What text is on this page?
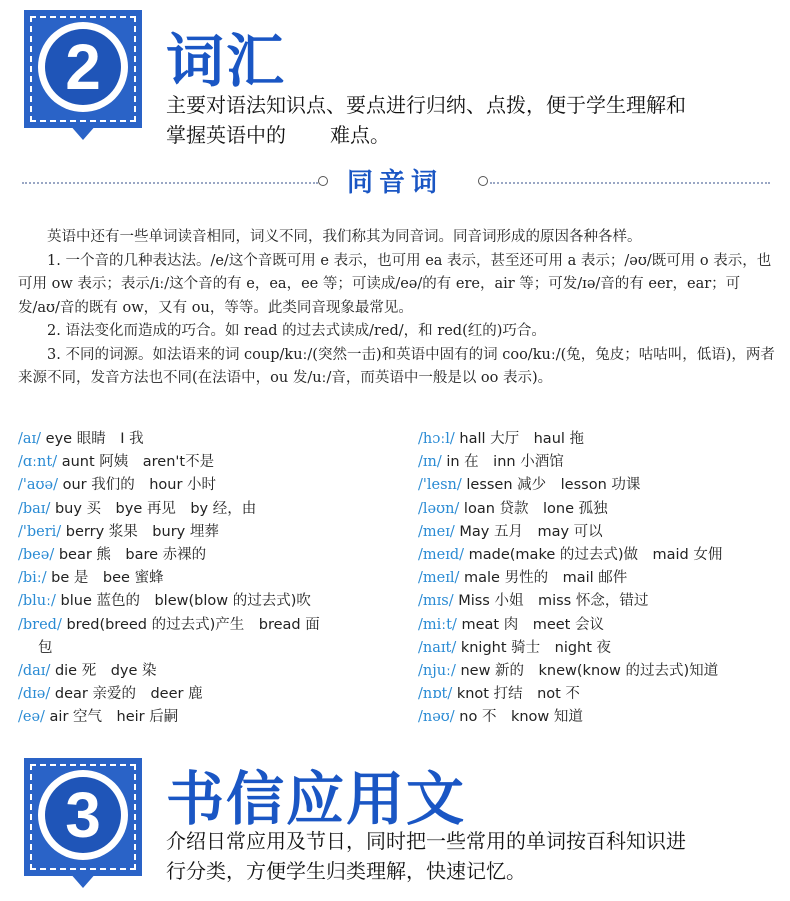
2	词汇
主要对语法知识点、要点进行归纳、点拨，便于学生理解和
掌握英语中的 难点。
同音词

英语中还有一些单词读音相同，词义不同，我们称其为同音词。同音词形成的原因各种各样。

1. 一个音的几种表达法。/e/这个音既可用 e 表示，也可用 ea 表示，甚至还可用 a 表示；/əʊ/既可用 o 表示，也可用 ow 表示；表示/iː/这个音的有 e，ea，ee 等；可读成/eə/的有 ere，air 等；可发/ɪə/音的有 eer，ear；可发/aʊ/音的既有 ow，又有 ou，等等。此类同音现象最常见。

2. 语法变化而造成的巧合。如 read 的过去式读成/red/，和 red(红的)巧合。

3. 不同的词源。如法语来的词 coup/kuː/(突然一击)和英语中固有的词 coo/kuː/(兔，兔皮；咕咕叫，低语)，两者来源不同，发音方法也不同(在法语中，ou 发/uː/音，而英语中一般是以 oo 表示)。

/aɪ/ eye 眼睛　I 我
/ɑːnt/ aunt 阿姨　aren't不是
/'aʊə/ our 我们的　hour 小时
/baɪ/ buy 买　bye 再见　by 经，由
/'beri/ berry 浆果　bury 埋葬
/beə/ bear 熊　bare 赤裸的
/biː/ be 是　bee 蜜蜂
/bluː/ blue 蓝色的　blew(blow 的过去式)吹
/bred/ bred(breed 的过去式)产生　bread 面
包
/daɪ/ die 死　dye 染
/dɪə/ dear 亲爱的　deer 鹿
/eə/ air 空气　heir 后嗣
/hɔːl/ hall 大厅　haul 拖
/ɪn/ in 在　inn 小酒馆
/'lesn/ lessen 减少　lesson 功课
/ləʊn/ loan 贷款　lone 孤独
/meɪ/ May 五月　may 可以
/meɪd/ made(make 的过去式)做　maid 女佣
/meɪl/ male 男性的　mail 邮件
/mɪs/ Miss 小姐　miss 怀念，错过
/miːt/ meat 肉　meet 会议
/naɪt/ knight 骑士　night 夜
/njuː/ new 新的　knew(know 的过去式)知道
/nɒt/ knot 打结　not 不
/nəʊ/ no 不　know 知道
3	书信应用文
介绍日常应用及节日，同时把一些常用的单词按百科知识进
行分类，方便学生归类理解，快速记忆。
